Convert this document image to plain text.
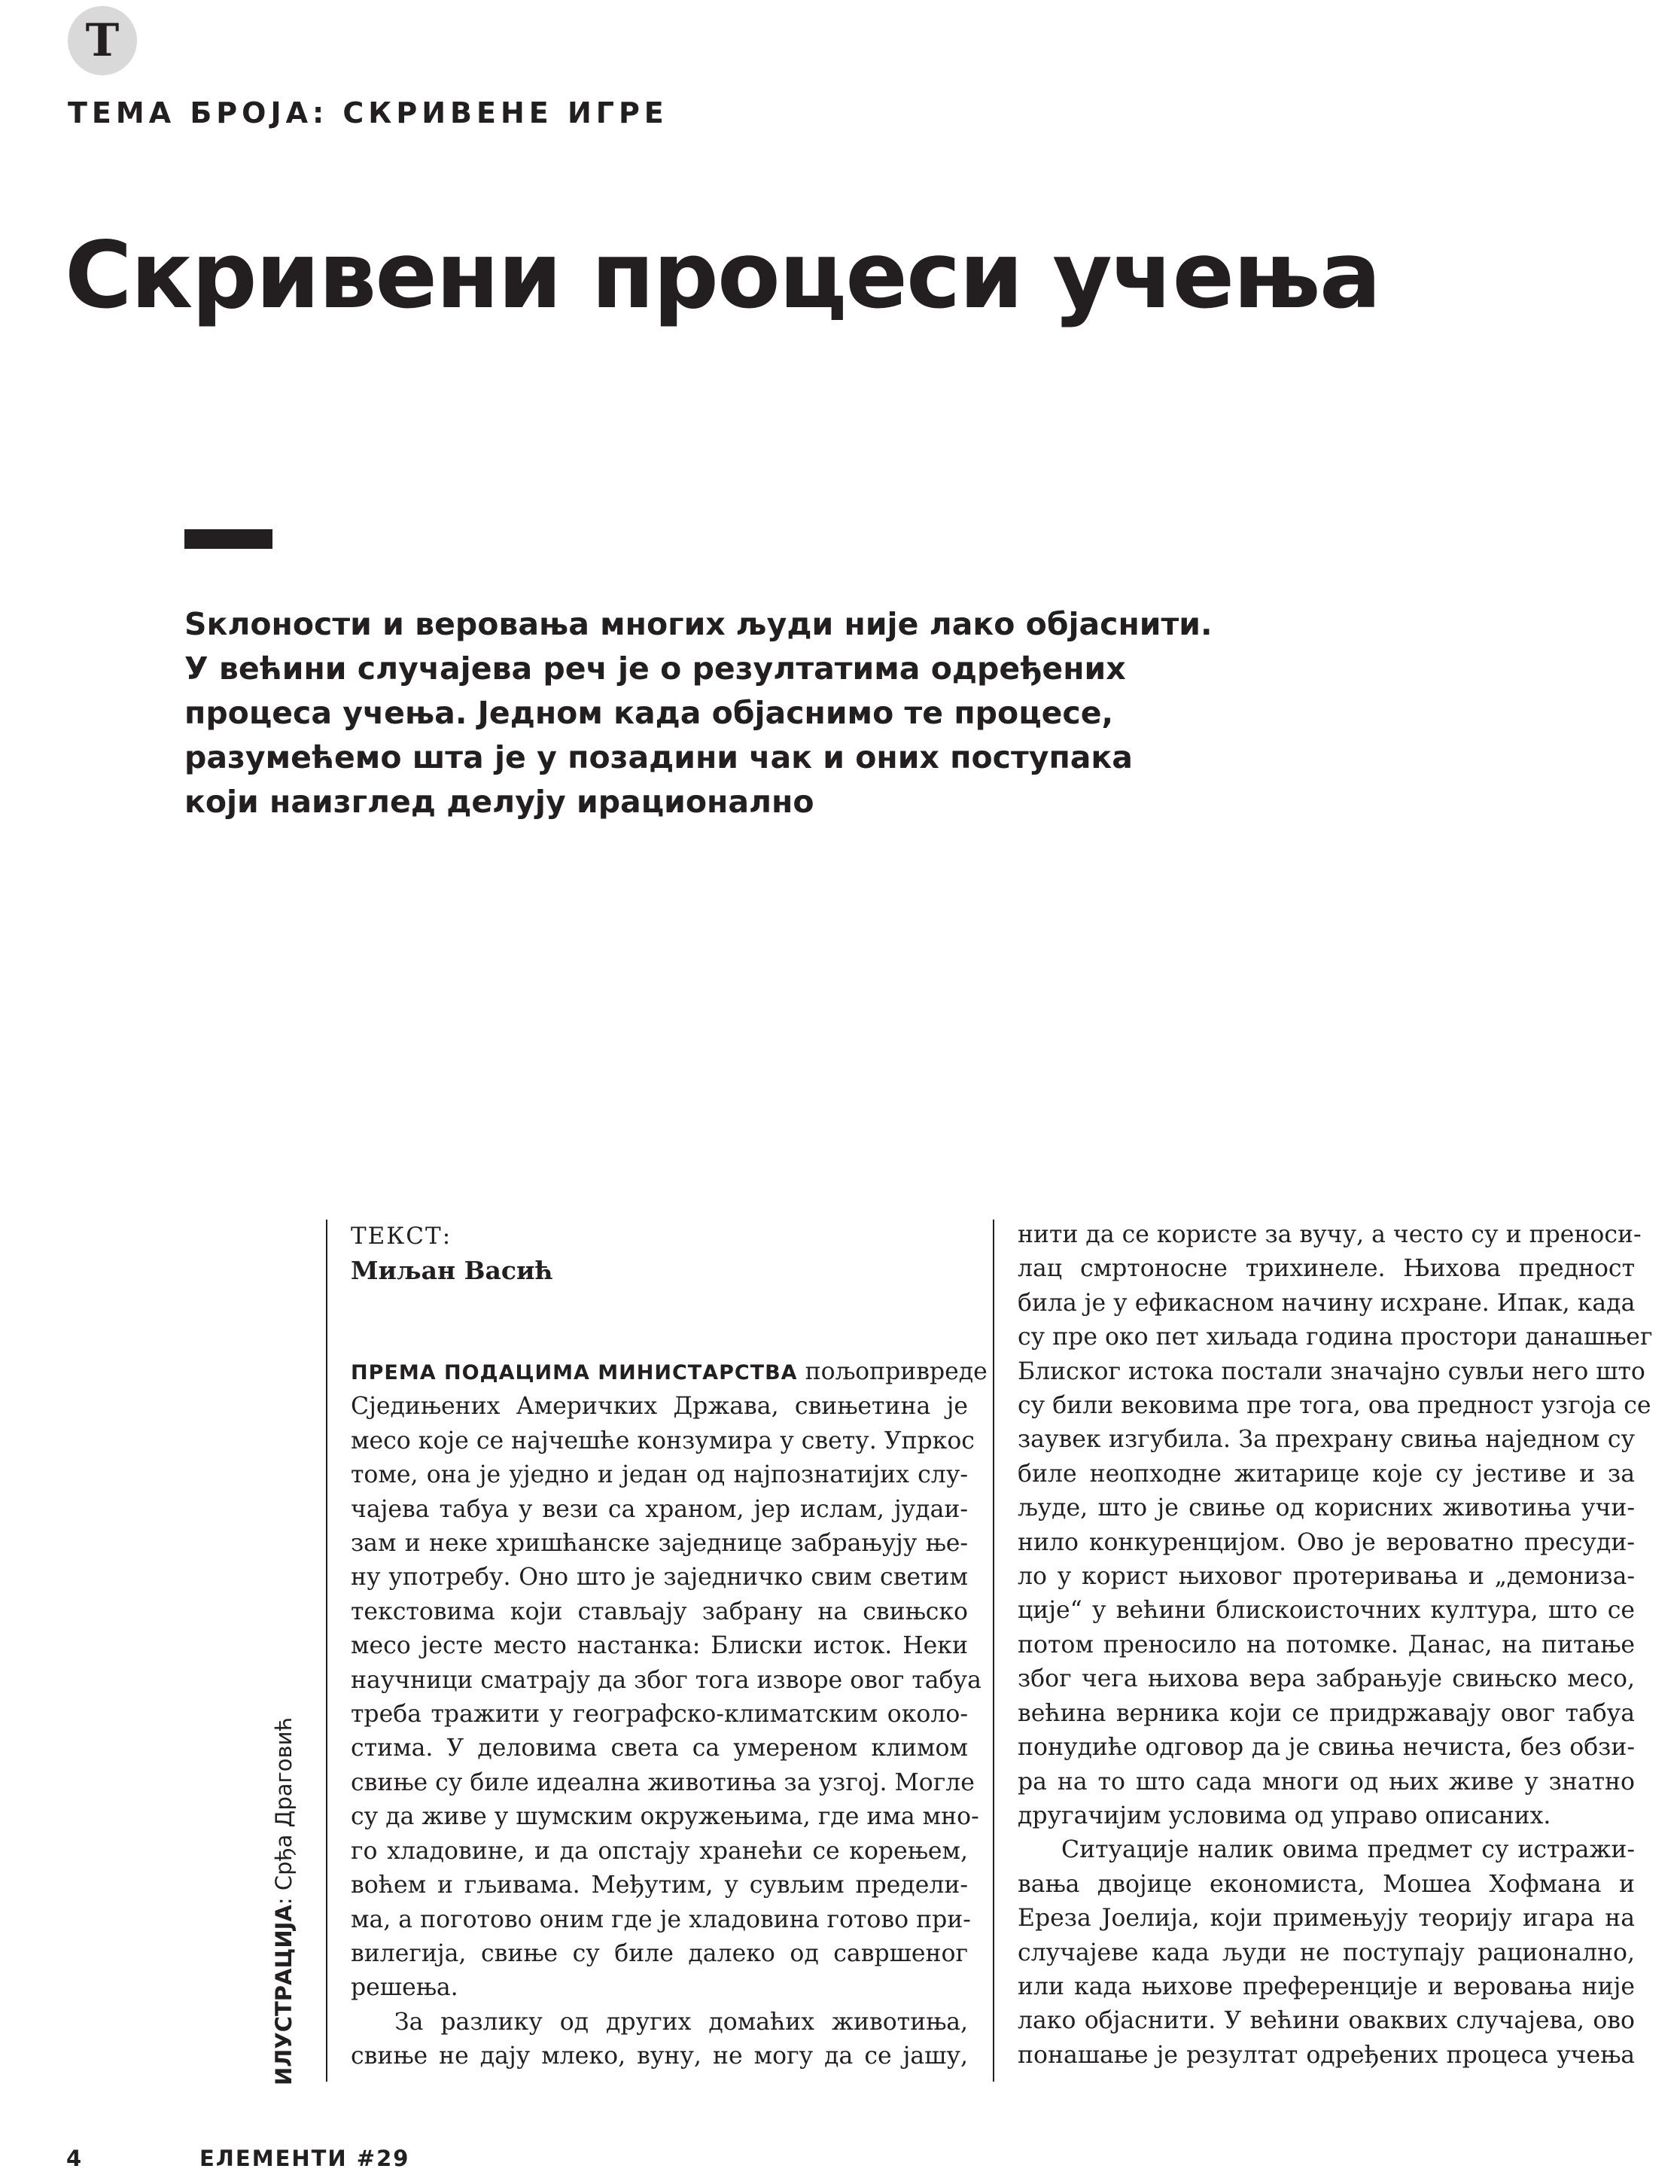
Т
ТЕМА БРОЈА: СКРИВЕНЕ ИГРЕ
Скривени процеси учења
Sклоности и веровања многих људи није лако објаснити.
У већини случајева реч је о резултатима одређених
процеса учења. Једном када објаснимо те процесе,
разумећемо шта је у позадини чак и оних поступака
који наизглед делују ирационално
ИЛУСТРАЦИЈА: Срђа Драговић
ТЕКСТ:
Миљан Васић
ПРЕМА ПОДАЦИМА МИНИСТАРСТВА пољопривреде
Сједињених Америчких Држава, свињетина је
месо које се најчешће конзумира у свету. Упркос
томе, она је уједно и један од најпознатијих слу-
чајева табуа у вези са храном, јер ислам, јудаи-
зам и неке хришћанске заједнице забрањују ње-
ну употребу. Оно што је заједничко свим светим
текстовима који стављају забрану на свињско
месо јесте место настанка: Блиски исток. Неки
научници сматрају да због тога изворе овог табуа
треба тражити у географско-климатским около-
стима. У деловима света са умереном климом
свиње су биле идеална животиња за узгој. Могле
су да живе у шумским окружењима, где има мно-
го хладовине, и да опстају хранећи се корењем,
воћем и гљивама. Међутим, у сувљим предели-
ма, а поготово оним где је хладовина готово при-
вилегија, свиње су биле далеко од савршеног
решења.
За разлику од других домаћих животиња,
свиње не дају млеко, вуну, не могу да се јашу,
нити да се користе за вучу, а често су и преноси-
лац смртоносне трихинеле. Њихова предност
била је у ефикасном начину исхране. Ипак, када
су пре око пет хиљада година простори данашњег
Блиског истока постали значајно сувљи него што
су били вековима пре тога, ова предност узгоја се
заувек изгубила. За прехрану свиња наједном су
биле неопходне житарице које су јестиве и за
људе, што је свиње од корисних животиња учи-
нило конкуренцијом. Ово је вероватно пресуди-
ло у корист њиховог протеривања и „демониза-
ције“ у већини блискоисточних култура, што се
потом преносило на потомке. Данас, на питање
због чега њихова вера забрањује свињско месо,
већина верника који се придржавају овог табуа
понудиће одговор да је свиња нечиста, без обзи-
ра на то што сада многи од њих живе у знатно
другачијим условима од управо описаних.
Ситуације налик овима предмет су истражи-
вања двојице економиста, Мошеа Хофмана и
Ереза Јоелија, који примењују теорију игара на
случајеве када људи не поступају рационално,
или када њихове преференције и веровања није
лако објаснити. У већини оваквих случајева, ово
понашање је резултат одређених процеса учења
4	ЕЛЕМЕНТИ #29
